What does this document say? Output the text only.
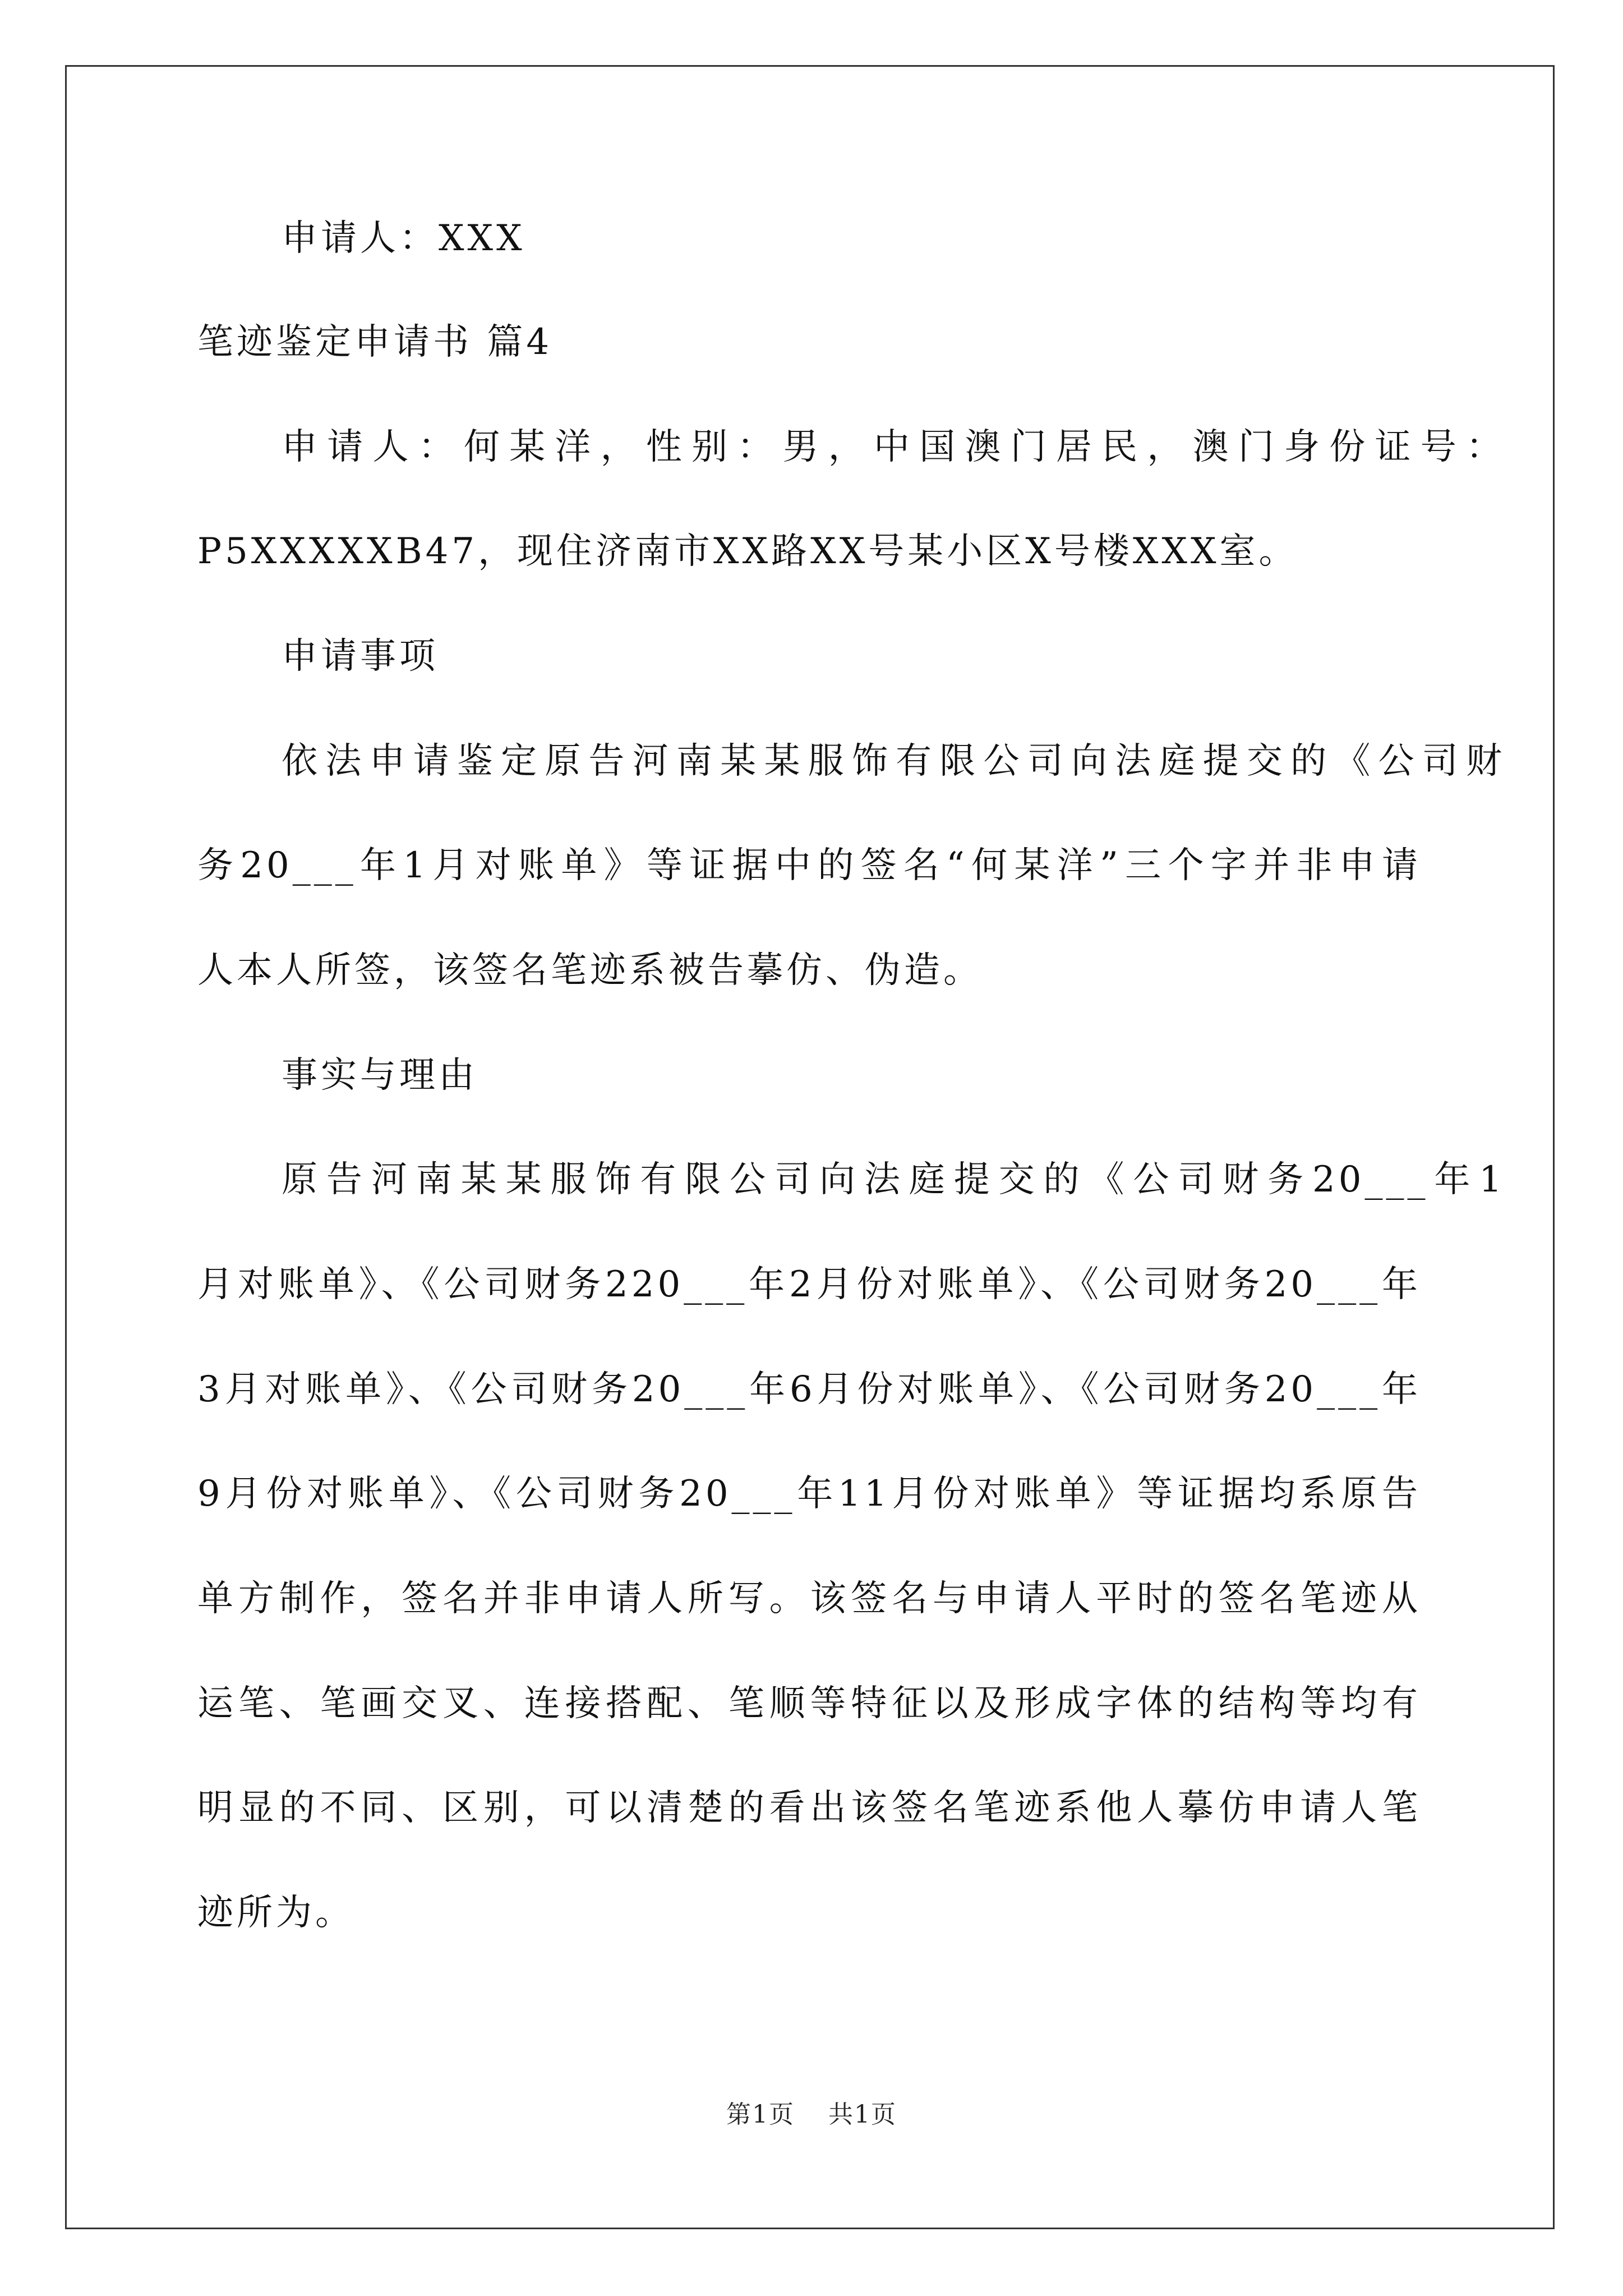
申请人：XXX
笔迹鉴定申请书 篇4
申请人：何某洋，性别：男，中国澳门居民，澳门身份证号：
P5XXXXXB47，现住济南市XX路XX号某小区X号楼XXX室。
申请事项
依法申请鉴定原告河南某某服饰有限公司向法庭提交的《公司财
务20___年1月对账单》等证据中的签名“何某洋”三个字并非申请
人本人所签，该签名笔迹系被告摹仿、伪造。
事实与理由
原告河南某某服饰有限公司向法庭提交的《公司财务20___年1
月对账单》、《公司财务220___年2月份对账单》、《公司财务20___年
3月对账单》、《公司财务20___年6月份对账单》、《公司财务20___年
9月份对账单》、《公司财务20___年11月份对账单》等证据均系原告
单方制作，签名并非申请人所写。该签名与申请人平时的签名笔迹从
运笔、笔画交叉、连接搭配、笔顺等特征以及形成字体的结构等均有
明显的不同、区别，可以清楚的看出该签名笔迹系他人摹仿申请人笔
迹所为。
第1页 共1页
